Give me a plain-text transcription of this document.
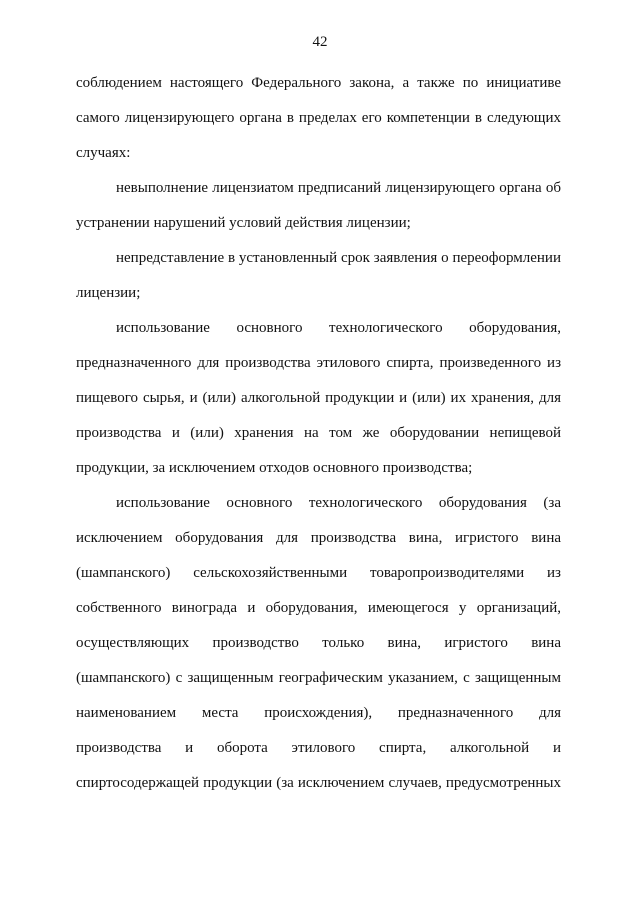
42
соблюдением настоящего Федерального закона, а также по инициативе
самого лицензирующего органа в пределах его компетенции в следующих
случаях:
невыполнение лицензиатом предписаний лицензирующего органа об
устранении нарушений условий действия лицензии;
непредставление в установленный срок заявления о переоформлении
лицензии;
использование основного технологического оборудования,
предназначенного для производства этилового спирта, произведенного из
пищевого сырья, и (или) алкогольной продукции и (или) их хранения, для
производства и (или) хранения на том же оборудовании непищевой
продукции, за исключением отходов основного производства;
использование основного технологического оборудования (за
исключением оборудования для производства вина, игристого вина
(шампанского) сельскохозяйственными товаропроизводителями из
собственного винограда и оборудования, имеющегося у организаций,
осуществляющих производство только вина, игристого вина
(шампанского) с защищенным географическим указанием, с защищенным
наименованием места происхождения), предназначенного для
производства и оборота этилового спирта, алкогольной и
спиртосодержащей продукции (за исключением случаев, предусмотренных
